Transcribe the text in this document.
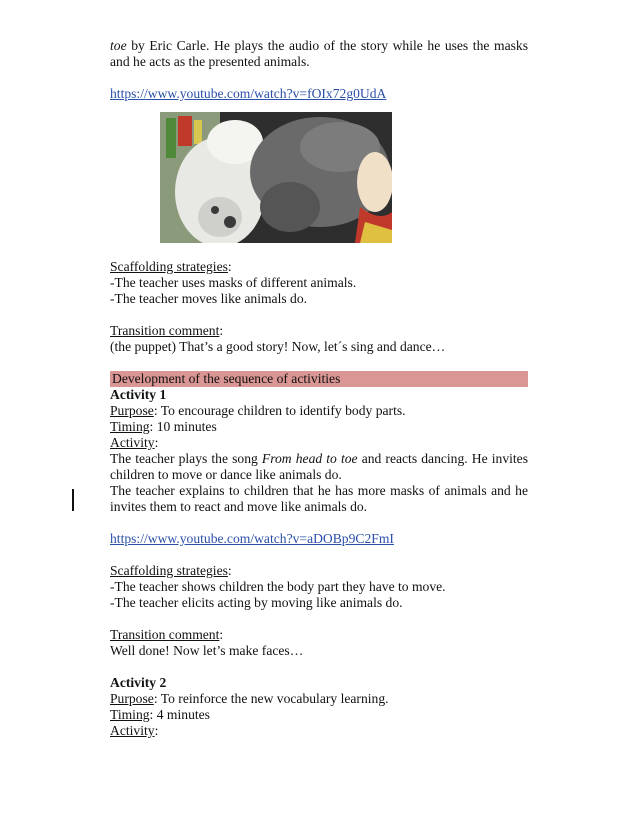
toe by Eric Carle. He plays the audio of the story while he uses the masks and he acts as the presented animals.

https://www.youtube.com/watch?v=fOIx72g0UdA

Scaffolding strategies:

-The teacher uses masks of different animals.

-The teacher moves like animals do.

Transition comment:

(the puppet) That’s a good story! Now, let´s sing and dance…

Development of the sequence of activities

Activity 1

Purpose: To encourage children to identify body parts.

Timing: 10 minutes

Activity:

The teacher plays the song From head to toe and reacts dancing. He invites children to move or dance like animals do.

The teacher explains to children that he has more masks of animals and he invites them to react and move like animals do.

https://www.youtube.com/watch?v=aDOBp9C2FmI

Scaffolding strategies:

-The teacher shows children the body part they have to move.

-The teacher elicits acting by moving like animals do.

Transition comment:

Well done! Now let’s make faces…

Activity 2

Purpose: To reinforce the new vocabulary learning.

Timing: 4 minutes

Activity:
